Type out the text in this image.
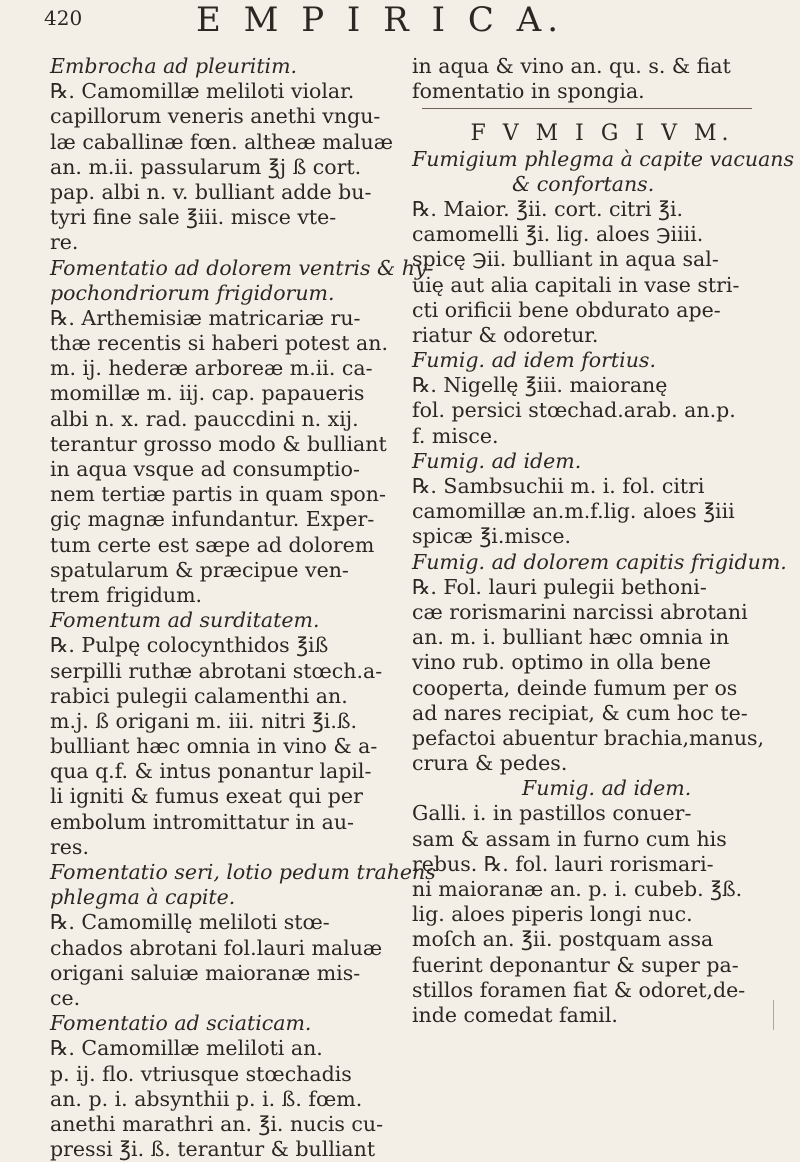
420	E M P I R I C A.
Embrocha ad pleuritim.
℞. Camomillæ meliloti violar.
capillorum veneris anethi vngu-
læ caballinæ fœn. altheæ maluæ
an. m.ii. passularum ℥j ß cort.
pap. albi n. v. bulliant adde bu-
tyri fine sale ℥iii. misce vte-
re.
Fomentatio ad dolorem ventris & hy-
pochondriorum frigidorum.
℞. Arthemisiæ matricariæ ru-
thæ recentis si haberi potest an.
m. ij. hederæ arboreæ m.ii. ca-
momillæ m. iij. cap. papaueris
albi n. x. rad. pauccdini n. xij.
terantur grosso modo & bulliant
in aqua vsque ad consumptio-
nem tertiæ partis in quam spon-
giç magnæ infundantur. Exper-
tum certe est sæpe ad dolorem
spatularum & præcipue ven-
trem frigidum.
Fomentum ad surditatem.
℞. Pulpę colocynthidos ℥iß
serpilli ruthæ abrotani stœch.a-
rabici pulegii calamenthi an.
m.j. ß origani m. iii. nitri ℥i.ß.
bulliant hæc omnia in vino & a-
qua q.f. & intus ponantur lapil-
li igniti & fumus exeat qui per
embolum intromittatur in au-
res.
Fomentatio seri, lotio pedum trahens
phlegma à capite.
℞. Camomillę meliloti stœ-
chados abrotani fol.lauri maluæ
origani saluiæ maioranæ mis-
ce.
Fomentatio ad sciaticam.
℞. Camomillæ meliloti an.
p. ij. flo. vtriusque stœchadis
an. p. i. absynthii p. i. ß. fœm.
anethi marathri an. ℥i. nucis cu-
pressi ℥i. ß. terantur & bulliant
in aqua & vino an. qu. s. & fiat
fomentatio in spongia.
F V M I G I V M.
Fumigium phlegma à capite vacuans
& confortans.
℞. Maior. ℥ii. cort. citri ℥i.
camomelli ℥i. lig. aloes ℈iiii.
spicę ℈ii. bulliant in aqua sal-
uię aut alia capitali in vase stri-
cti orificii bene obdurato ape-
riatur & odoretur.
Fumig. ad idem fortius.
℞. Nigellę ℥iii. maioranę
fol. persici stœchad.arab. an.p.
f. misce.
Fumig. ad idem.
℞. Sambsuchii m. i. fol. citri
camomillæ an.m.f.lig. aloes ℥iii
spicæ ℥i.misce.
Fumig. ad dolorem capitis frigidum.
℞. Fol. lauri pulegii bethoni-
cæ rorismarini narcissi abrotani
an. m. i. bulliant hæc omnia in
vino rub. optimo in olla bene
cooperta, deinde fumum per os
ad nares recipiat, & cum hoc te-
pefactoi abuentur brachia,manus,
crura & pedes.
Fumig. ad idem.
Galli. i. in pastillos conuer-
sam & assam in furno cum his
rebus. ℞. fol. lauri rorismari-
ni maioranæ an. p. i. cubeb. ℥ß.
lig. aloes piperis longi nuc.
moſch an. ℥ii. postquam assa
fuerint deponantur & super pa-
stillos foramen fiat & odoret,de-
inde comedat famil.
